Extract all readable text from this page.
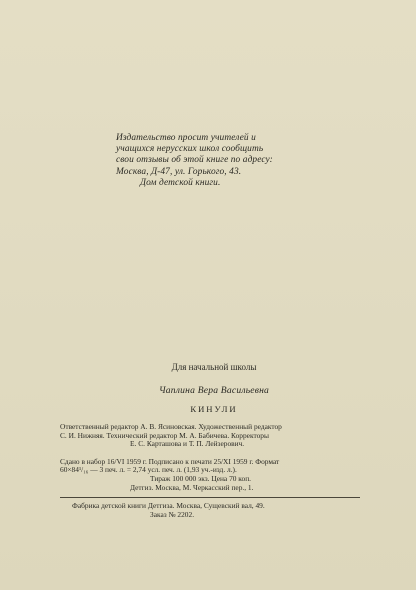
Издательство просит учителей и
учащихся нерусских школ сообщить
свои отзывы об этой книге по адресу:
Москва, Д-47, ул. Горького, 43.
Дом детской книги.
Для начальной школы
Чаплина Вера Васильевна
КИНУЛИ
Ответственный редактор А. В. Ясиновская. Художественный редактор
С. И. Нижняя. Технический редактор М. А. Бабичева. Корректоры
Е. С. Карташова и Т. П. Лейзерович.
Сдано в набор 16/VI 1959 г. Подписано к печати 25/XI 1959 г. Формат
60×84¹/₁₆ — 3 печ. л. = 2,74 усл. печ. л. (1,93 уч.-изд. л.).
Тираж 100 000 экз. Цена 70 коп.
Детгиз. Москва, М. Черкасский пер., 1.
Фабрика детской книги Детгиза. Москва, Сущевский вал, 49.
Заказ № 2202.
